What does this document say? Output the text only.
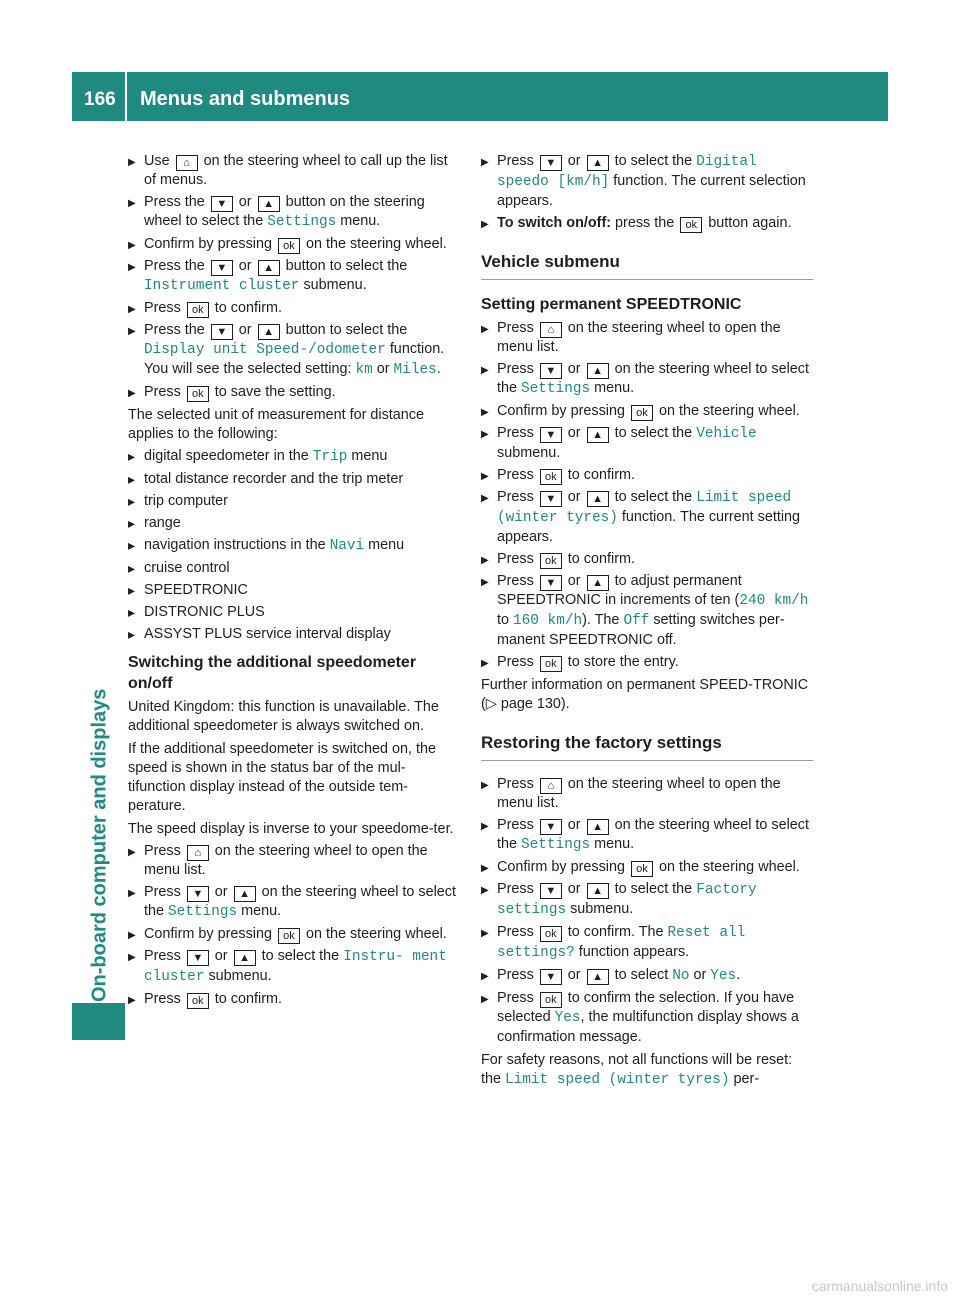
166 Menus and submenus
On-board computer and displays
▶ Use ⌂ on the steering wheel to call up the list of menus.
▶ Press the ▼ or ▲ button on the steering wheel to select the Settings menu.
▶ Confirm by pressing ok on the steering wheel.
▶ Press the ▼ or ▲ button to select the Instrument cluster submenu.
▶ Press ok to confirm.
▶ Press the ▼ or ▲ button to select the Display unit Speed-/odometer function. You will see the selected setting: km or Miles.
▶ Press ok to save the setting.
The selected unit of measurement for distance applies to the following:
▸ digital speedometer in the Trip menu
▸ total distance recorder and the trip meter
▸ trip computer
▸ range
▸ navigation instructions in the Navi menu
▸ cruise control
▸ SPEEDTRONIC
▸ DISTRONIC PLUS
▸ ASSYST PLUS service interval display
Switching the additional speedometer on/off
United Kingdom: this function is unavailable. The additional speedometer is always switched on.
If the additional speedometer is switched on, the speed is shown in the status bar of the mul-tifunction display instead of the outside tem-perature.
The speed display is inverse to your speedome-ter.
▶ Press ⌂ on the steering wheel to open the menu list.
▶ Press ▼ or ▲ on the steering wheel to select the Settings menu.
▶ Confirm by pressing ok on the steering wheel.
▶ Press ▼ or ▲ to select the Instru‐ ment cluster submenu.
▶ Press ok to confirm.
▶ Press ▼ or ▲ to select the Digital speedo [km/h] function. The current selection appears.
▶ To switch on/off: press the ok button again.
Vehicle submenu
Setting permanent SPEEDTRONIC
▶ Press ⌂ on the steering wheel to open the menu list.
▶ Press ▼ or ▲ on the steering wheel to select the Settings menu.
▶ Confirm by pressing ok on the steering wheel.
▶ Press ▼ or ▲ to select the Vehicle submenu.
▶ Press ok to confirm.
▶ Press ▼ or ▲ to select the Limit speed (winter tyres) function. The current setting appears.
▶ Press ok to confirm.
▶ Press ▼ or ▲ to adjust permanent SPEEDTRONIC in increments of ten (240 km/h to 160 km/h). The Off setting switches per-manent SPEEDTRONIC off.
▶ Press ok to store the entry.
Further information on permanent SPEED-TRONIC (▷ page 130).
Restoring the factory settings
▶ Press ⌂ on the steering wheel to open the menu list.
▶ Press ▼ or ▲ on the steering wheel to select the Settings menu.
▶ Confirm by pressing ok on the steering wheel.
▶ Press ▼ or ▲ to select the Factory settings submenu.
▶ Press ok to confirm. The Reset all settings? function appears.
▶ Press ▼ or ▲ to select No or Yes.
▶ Press ok to confirm the selection. If you have selected Yes, the multifunction display shows a confirmation message.
For safety reasons, not all functions will be reset: the Limit speed (winter tyres) per-
carmanualsonline.info
